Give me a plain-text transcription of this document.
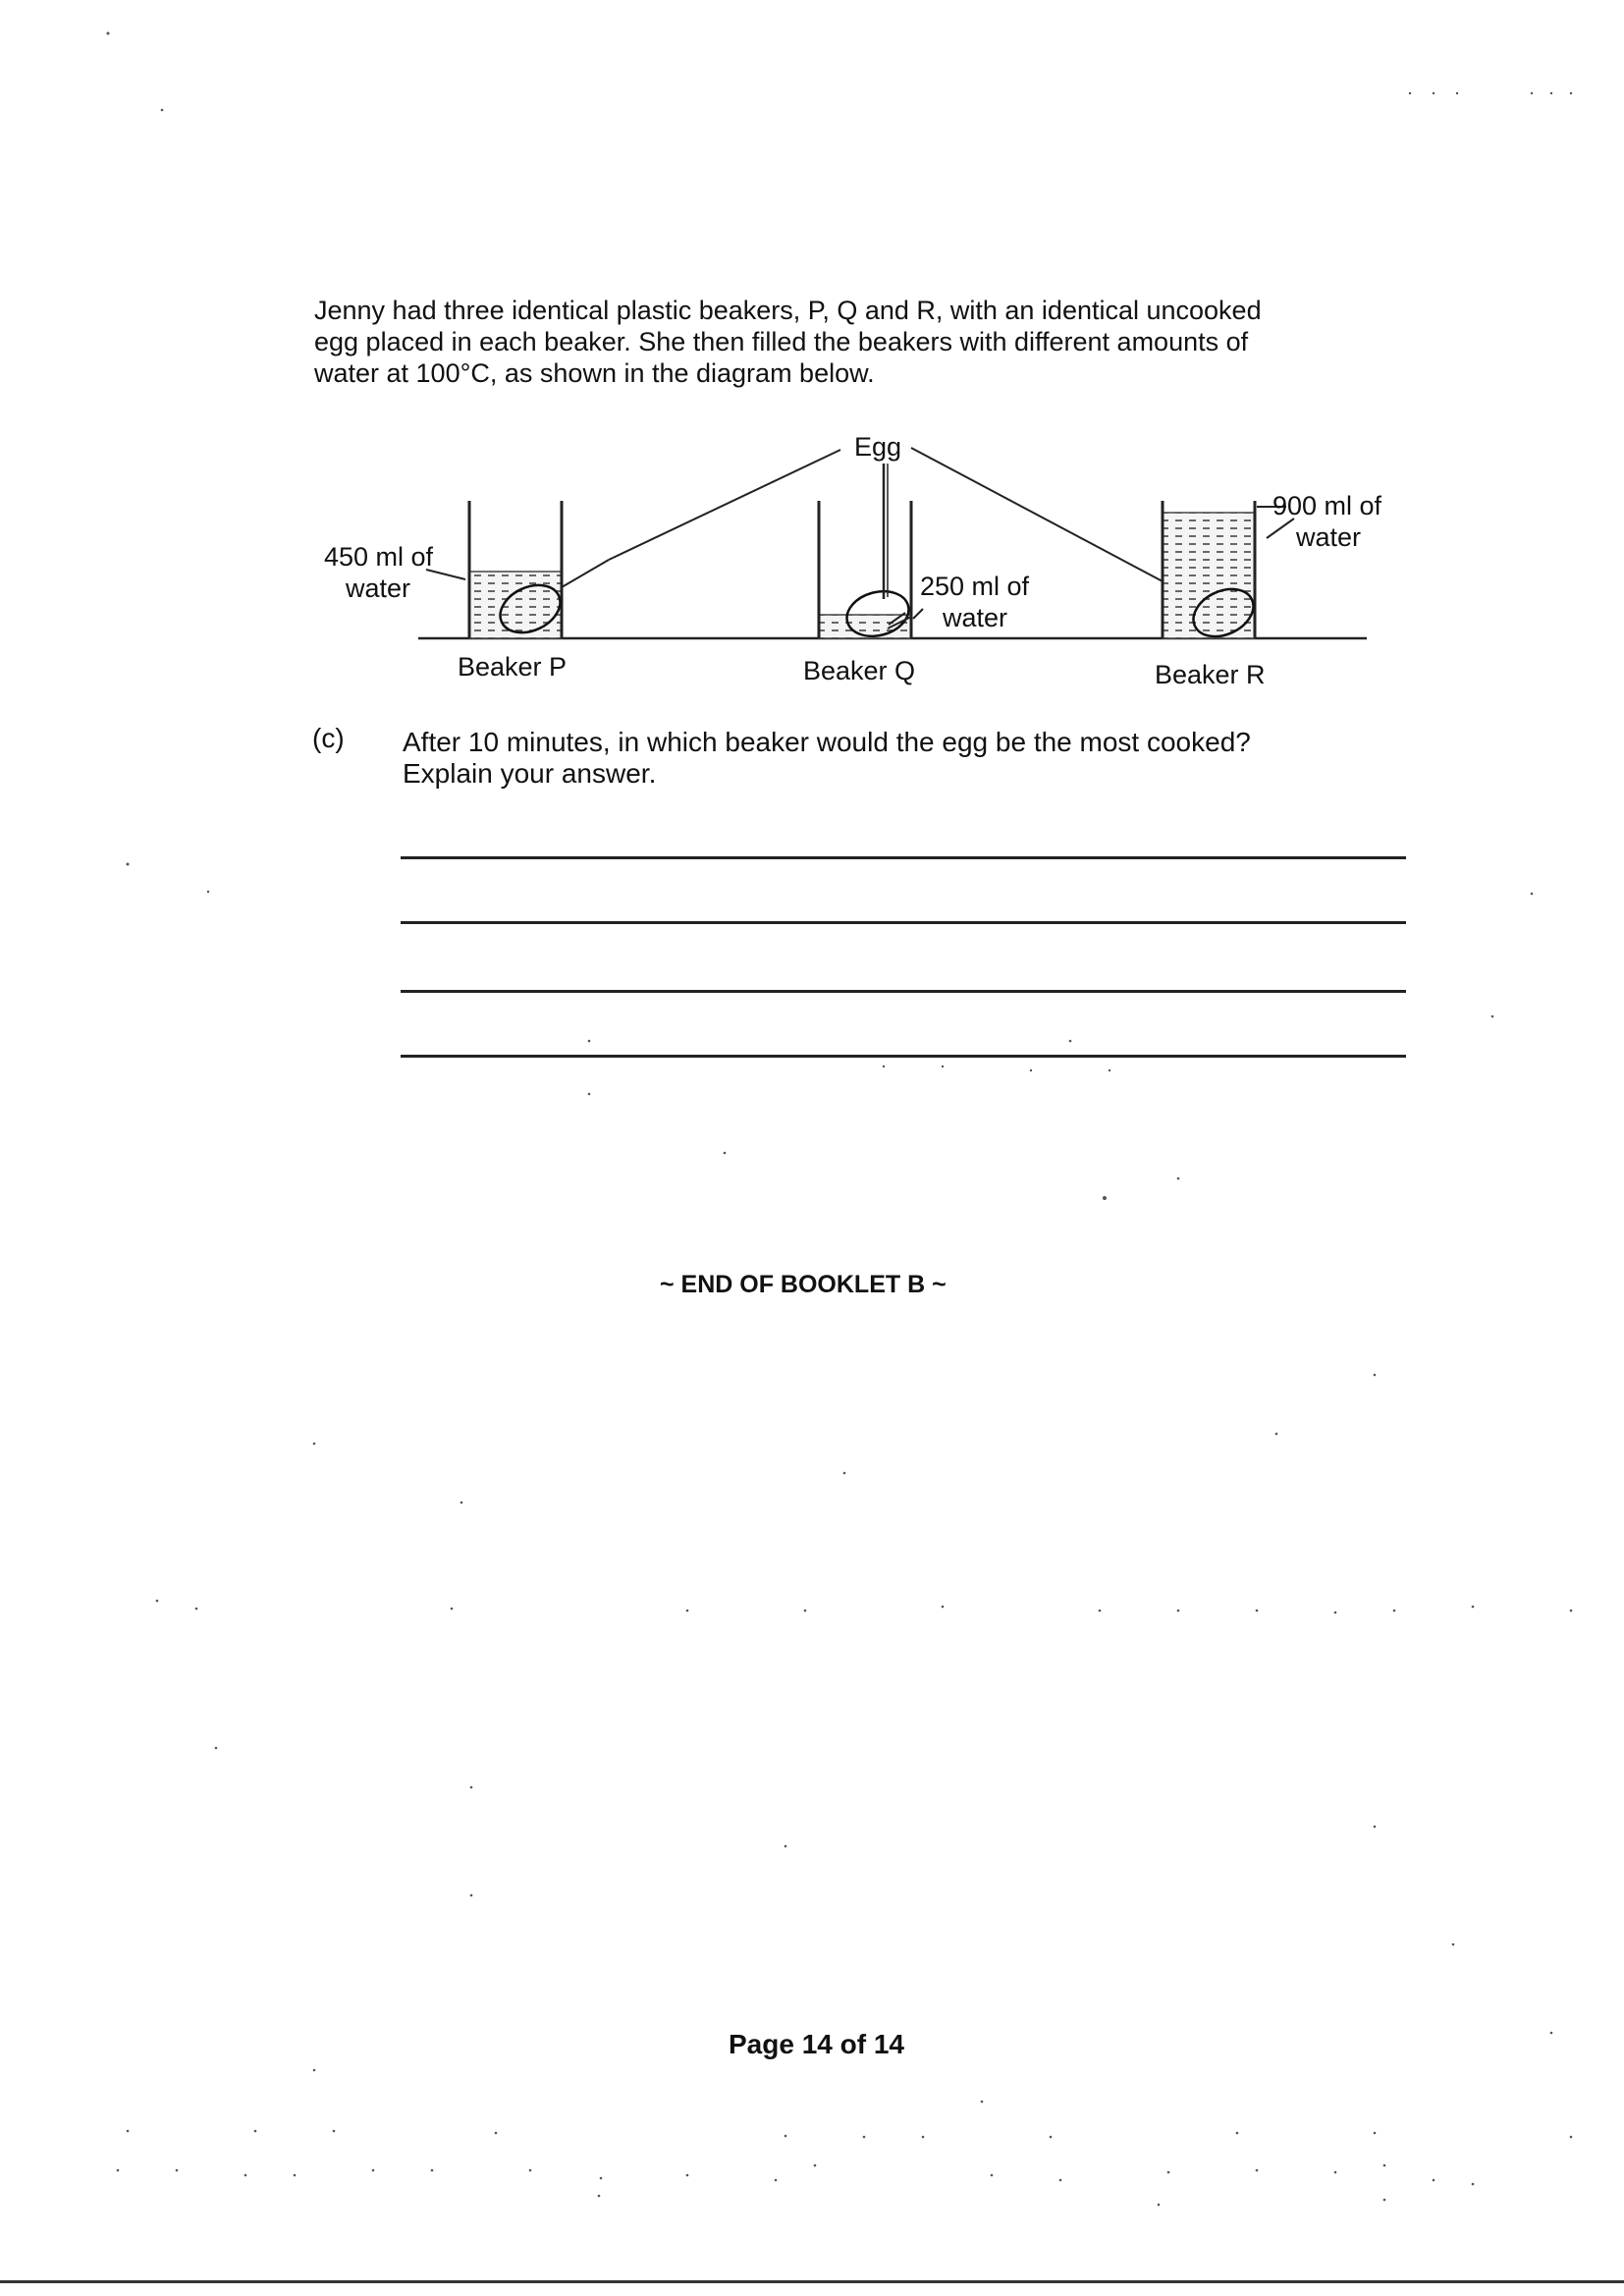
Jenny had three identical plastic beakers, P, Q and R, with an identical uncooked
egg placed in each beaker. She then filled the beakers with different amounts of
water at 100°C, as shown in the diagram below.

Egg
450 ml of
water	250 ml of
water
900 ml of
water
Beaker P	Beaker Q	Beaker R
(c) After 10 minutes, in which beaker would the egg be the most cooked?
Explain your answer.
~ END OF BOOKLET B ~
Page 14 of 14
